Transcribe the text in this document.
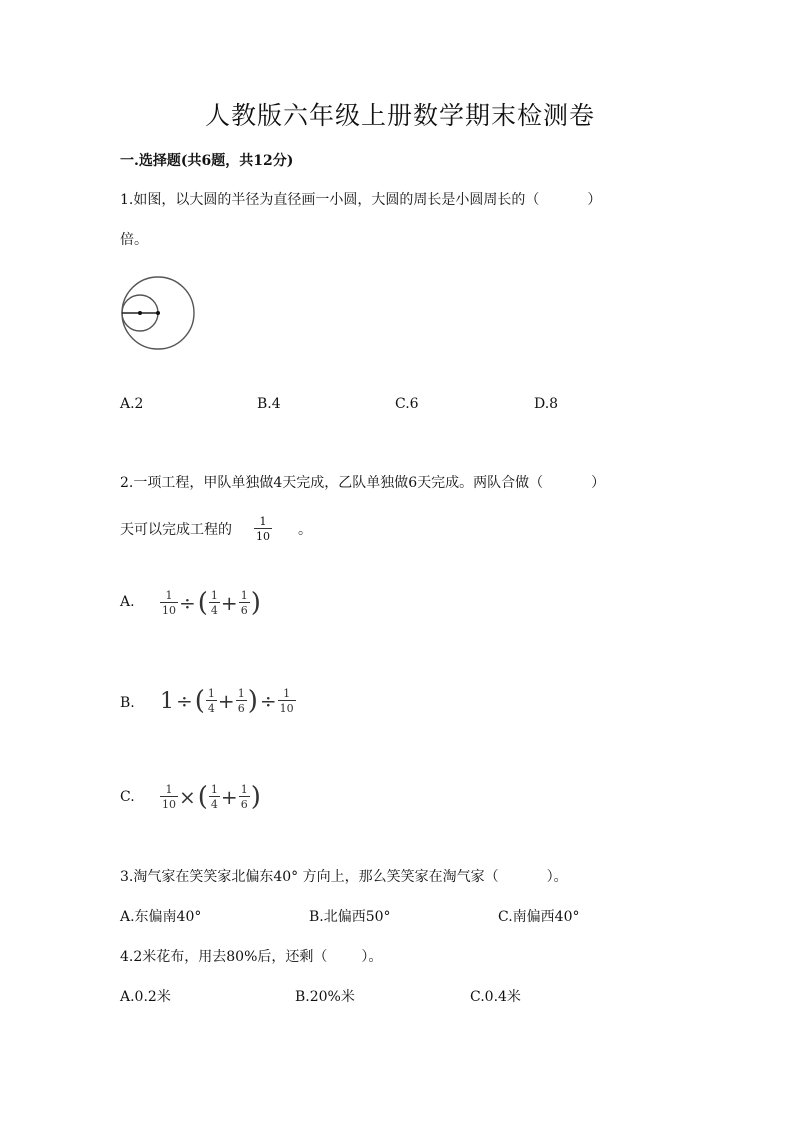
人教版六年级上册数学期末检测卷
一.选择题(共6题，共12分)
1.如图，以大圆的半径为直径画一小圆，大圆的周长是小圆周长的（	）
倍。
A.2	B.4	C.6	D.8
2.一项工程，甲队单独做4天完成，乙队单独做6天完成。两队合做（	）
天可以完成工程的 $\frac{1}{10}$ 。
A. $\frac{1}{10}$ ÷ ( $\frac{1}{4} + \frac{1}{6}$ )
B. 1 ÷ ( $\frac{1}{4} + \frac{1}{6}$ ) ÷ $\frac{1}{10}$
C. $\frac{1}{10}$ × ( $\frac{1}{4} + \frac{1}{6}$ )
3.淘气家在笑笑家北偏东40° 方向上，那么笑笑家在淘气家（	）。
A.东偏南40°	B.北偏西50°	C.南偏西40°
4.2米花布，用去80%后，还剩（ ）。
A.0.2米	B.20%米	C.0.4米
